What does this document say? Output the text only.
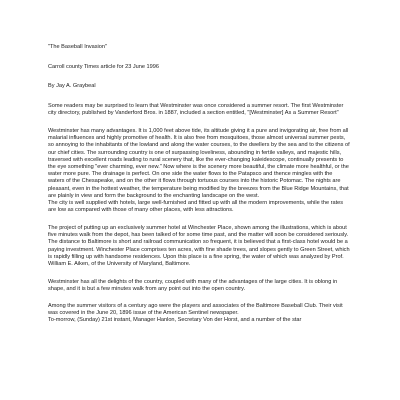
"The Baseball Invasion"

Carroll county Times article for 23 June 1996

By Jay A. Graybeal

Some readers may be surprised to learn that Westminster was once considered a summer resort. The first Westminster city directory, published by Vanderford Bros. in 1887, included a section entitled, "[Westminster] As a Summer Resort"

Westminster has many advantages. It is 1,000 feet above tide, its altitude giving it a pure and invigorating air, free from all malarial influences and highly promotive of health. It is also free from mosquitoes, those almost universal summer pests, so annoying to the inhabitants of the lowland and along the water courses, to the dwellers by the sea and to the citizens of our chief cities. The surrounding country is one of surpassing loveliness, abounding in fertile valleys, and majestic hills, traversed with excellent roads leading to rural scenery that, like the ever-changing kaleidescope, continually presents to the eye something "ever charming, ever new." Now where is the scenery more beautiful, the climate more healthful, or the water more pure. The drainage is perfect. On one side the water flows to the Patapsco and thence mingles with the waters of the Chesapeake, and on the other it flows through tortuous courses into the historic Potomac. The nights are pleasant, even in the hottest weather, the temperature being modified by the breezes from the Blue Ridge Mountains, that are plainly in view and form the background to the enchanting landscape on the west.

The city is well supplied with hotels, large well-furnished and fitted up with all the modern improvements, while the rates are low as compared with those of many other places, with less attractions.

The project of putting up an exclusively summer hotel at Winchester Place, shown among the illustrations, which is about five minutes walk from the depot, has been talked of for some time past, and the matter will soon be considered seriously. The distance to Baltimore is short and railroad communication so frequent, it is believed that a first-class hotel would be a paying investment. Winchester Place comprises ten acres, with fine shade trees, and slopes gently to Green Street, which is rapidly filling up with handsome residences. Upon this place is a fine spring, the water of which was analyzed by Prof. William E. Aiken, of the University of Maryland, Baltimore.

Westminster has all the delights of the country, coupled with many of the advantages of the large cities. It is oblong in shape, and it is but a few minutes walk from any point out into the open country.

Among the summer visitors of a century ago were the players and associates of the Baltimore Baseball Club. Their visit was covered in the June 20, 1896 issue of the American Sentinel newspaper.

To-morrow, (Sunday) 21st instant, Manager Hanlon, Secretary Von der Horst, and a number of the star
